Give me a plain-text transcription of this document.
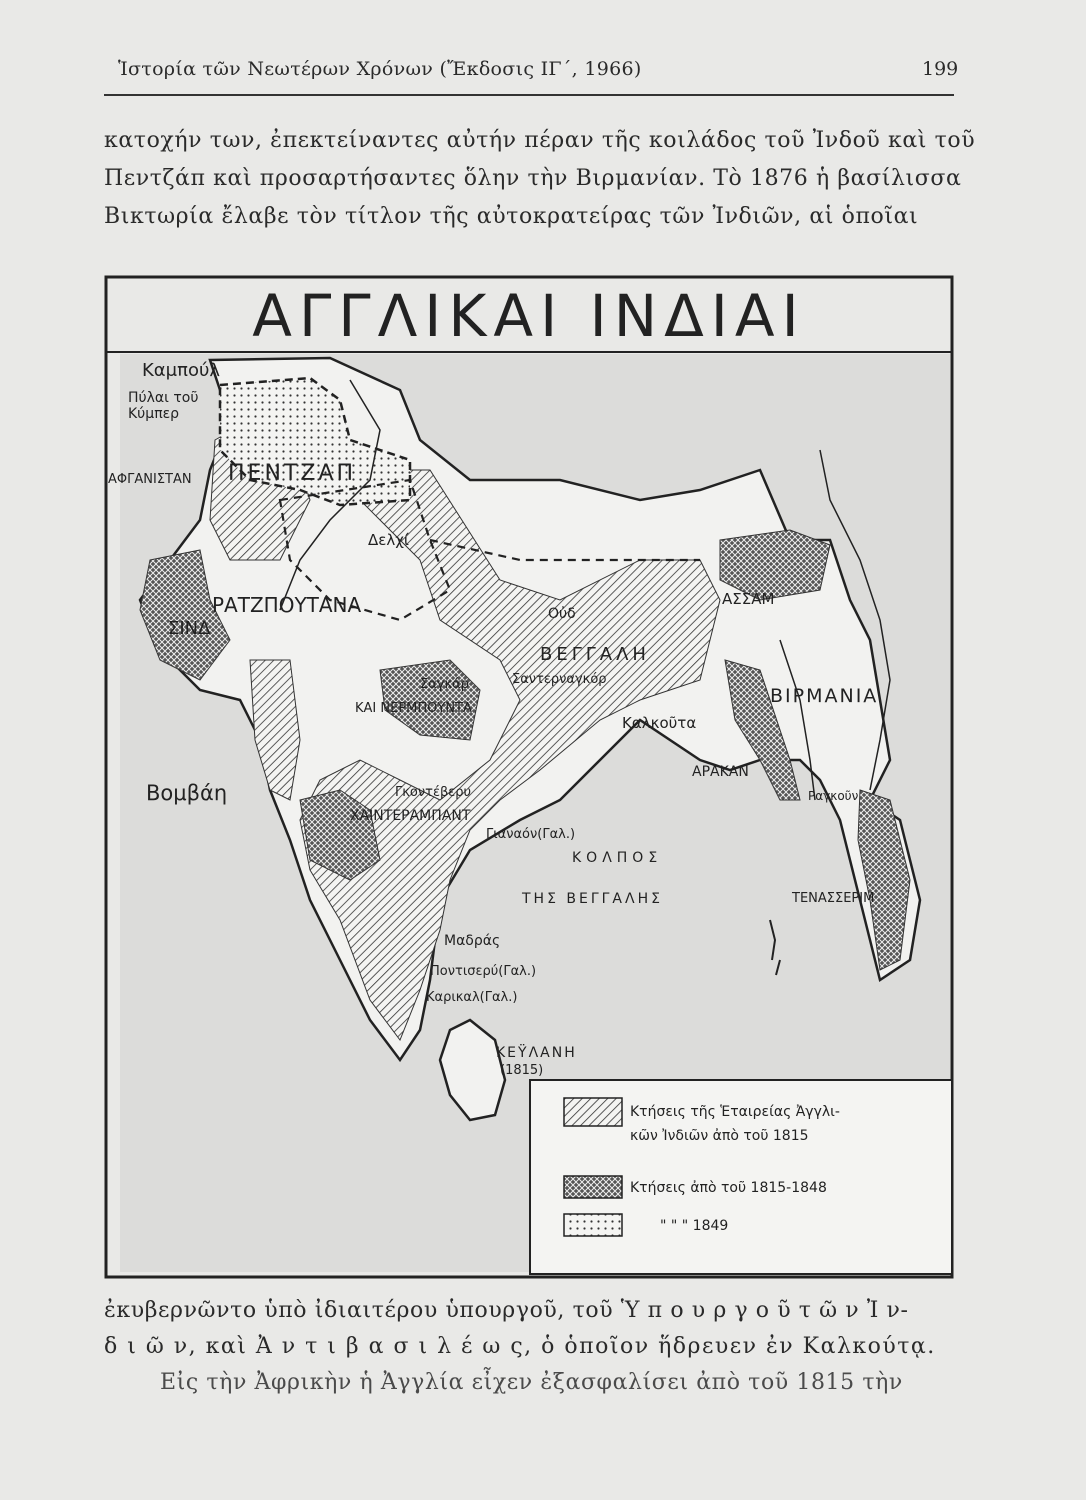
Ἱστορία τῶν Νεωτέρων Χρόνων (Ἔκδοσις ΙΓ΄, 1966)	199
κατοχήν των, ἐπεκτείναντες αὐτήν πέραν τῆς κοιλάδος τοῦ Ἰνδοῦ καὶ τοῦ
Πεντζάπ καὶ προσαρτήσαντες ὅλην τὴν Βιρμανίαν. Τὸ 1876 ἡ βασίλισσα
Βικτωρία ἔλαβε τὸν τίτλον τῆς αὐτοκρατείρας τῶν Ἰνδιῶν, αἱ ὁποῖαι
Καμπούλ
Πύλαι τοῦ
Κύμπερ
ΑΦΓΑΝΙΣΤΑΝ ΠΕΝΤΖΑΠ
Δελχί
ΡΑΤΖΠΟΥΤΑΝΑ
ΣΙΝΔ
ΑΣΣΑΜ
Οὐδ
ΒΕΓΓΑΛΗ
Σαγκάρ	Σαντερναγκόρ
ΚΑΙ ΝΕΡΜΠΟΥΝΤΑ
ΒΙΡΜΑΝΙΑ
Καλκοῦτα
Βομβάη
ΑΡΑΚΑΝ
Γκοντέβερυ
ΧΑΙΝΤΕΡΑΜΠΑΝΤ
Ραγκοῦν
Γιαναόν(Γαλ.)
ΚΟΛΠΟΣ
ΤΗΣ ΒΕΓΓΑΛΗΣ	ΤΕΝΑΣΣΕΡΙΜ
Μαδράς
Ποντισερύ(Γαλ.)
Καρικαλ(Γαλ.)
ΚΕΫΛΑΝΗ
(1815)
Κτήσεις τῆς Ἑταιρείας Ἀγγλι-
κῶν Ἰνδιῶν ἀπὸ τοῦ 1815
Κτήσεις ἀπὸ τοῦ 1815-1848
" " " 1849
ΑΓΓΛΙΚΑΙ ΙΝΔΙΑΙ
ἐκυβερνῶντο ὑπὸ ἰδιαιτέρου ὑπουργοῦ, τοῦ Ὑ π ο υ ρ γ ο ῦ τ ῶ ν Ἰ ν-
δ ι ῶ ν, καὶ Ἀ ν τ ι β α σ ι λ έ ω ς, ὁ ὁποῖον ἥδρευεν ἐν Καλκούτᾳ.
Εἰς τὴν Ἀφρικὴν ἡ Ἀγγλία εἶχεν ἐξασφαλίσει ἀπὸ τοῦ 1815 τὴν
